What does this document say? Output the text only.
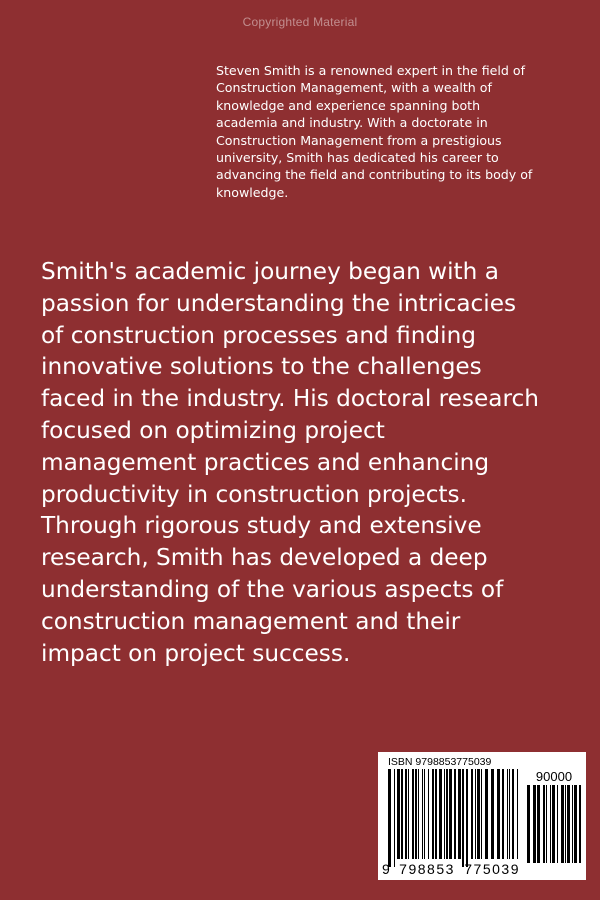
Copyrighted Material

Steven Smith is a renowned expert in the field of
Construction Management, with a wealth of
knowledge and experience spanning both
academia and industry. With a doctorate in
Construction Management from a prestigious
university, Smith has dedicated his career to
advancing the field and contributing to its body of
knowledge.

Smith's academic journey began with a
passion for understanding the intricacies
of construction processes and finding
innovative solutions to the challenges
faced in the industry. His doctoral research
focused on optimizing project
management practices and enhancing
productivity in construction projects.
Through rigorous study and extensive
research, Smith has developed a deep
understanding of the various aspects of
construction management and their
impact on project success.

ISBN 9798853775039
90000
9 798853 775039
